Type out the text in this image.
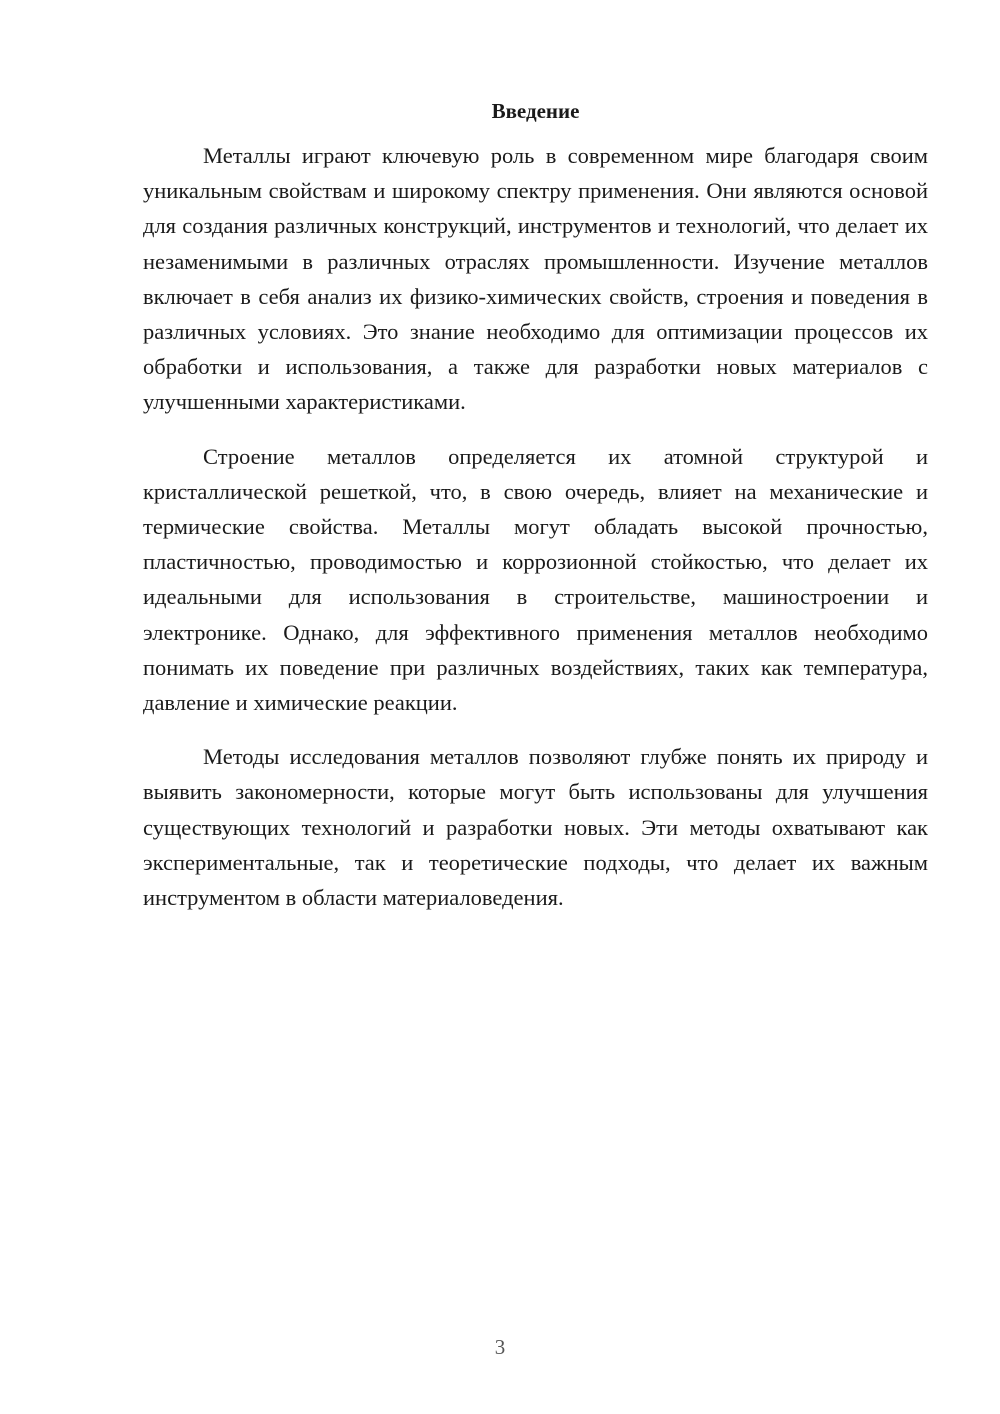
Введение

Металлы играют ключевую роль в современном мире благодаря своим уникальным свойствам и широкому спектру применения. Они являются основой для создания различных конструкций, инструментов и технологий, что делает их незаменимыми в различных отраслях промышленности. Изучение металлов включает в себя анализ их физико-химических свойств, строения и поведения в различных условиях. Это знание необходимо для оптимизации процессов их обработки и использования, а также для разработки новых материалов с улучшенными характеристиками.

Строение металлов определяется их атомной структурой и кристаллической решеткой, что, в свою очередь, влияет на механические и термические свойства. Металлы могут обладать высокой прочностью, пластичностью, проводимостью и коррозионной стойкостью, что делает их идеальными для использования в строительстве, машиностроении и электронике. Однако, для эффективного применения металлов необходимо понимать их поведение при различных воздействиях, таких как температура, давление и химические реакции.

Методы исследования металлов позволяют глубже понять их природу и выявить закономерности, которые могут быть использованы для улучшения существующих технологий и разработки новых. Эти методы охватывают как экспериментальные, так и теоретические подходы, что делает их важным инструментом в области материаловедения.

3
